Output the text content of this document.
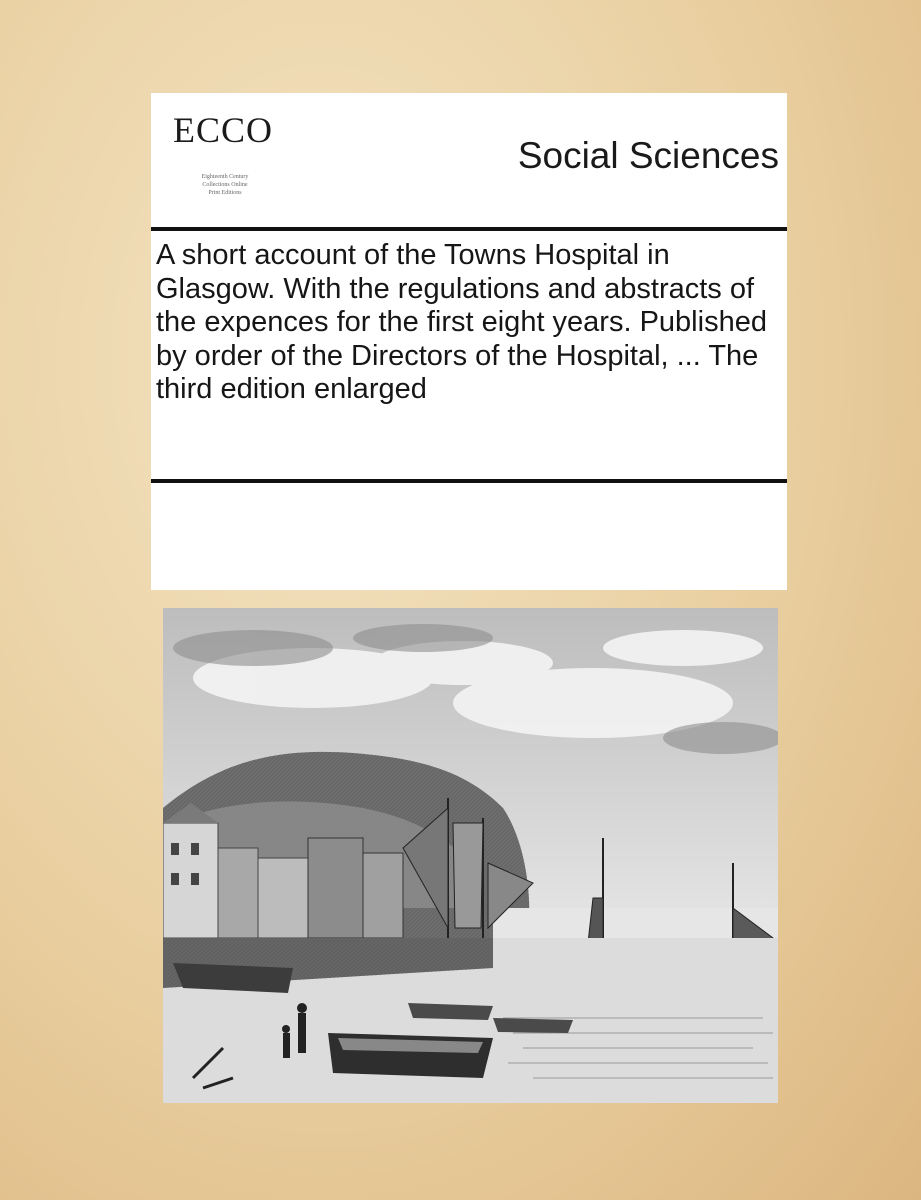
ECCO
Eighteenth Century
Collections Online
Print Editions
Social Sciences
A short account of the Towns Hospital in Glasgow. With the regulations and abstracts of the expences for the first eight years. Published by order of the Directors of the Hospital, ... The third edition enlarged
